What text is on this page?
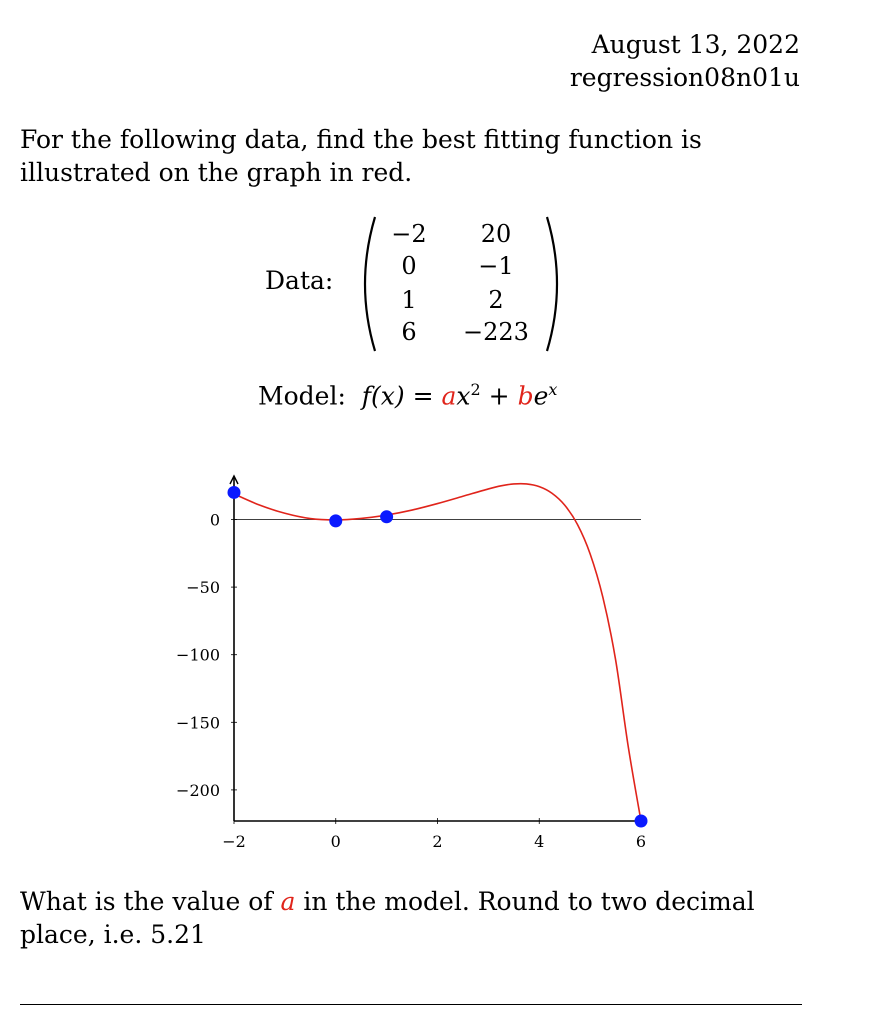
August 13, 2022
regression08n01u
For the following data, find the best fitting function is illustrated on the graph in red.
Data:
−2	20
0	−1
1	2
6	−223
Model: $f(x) = ax^2 + be^x$
−2	0	2	4	6
0
−50
−100
−150
−200
What is the value of a in the model. Round to two decimal place, i.e. 5.21
